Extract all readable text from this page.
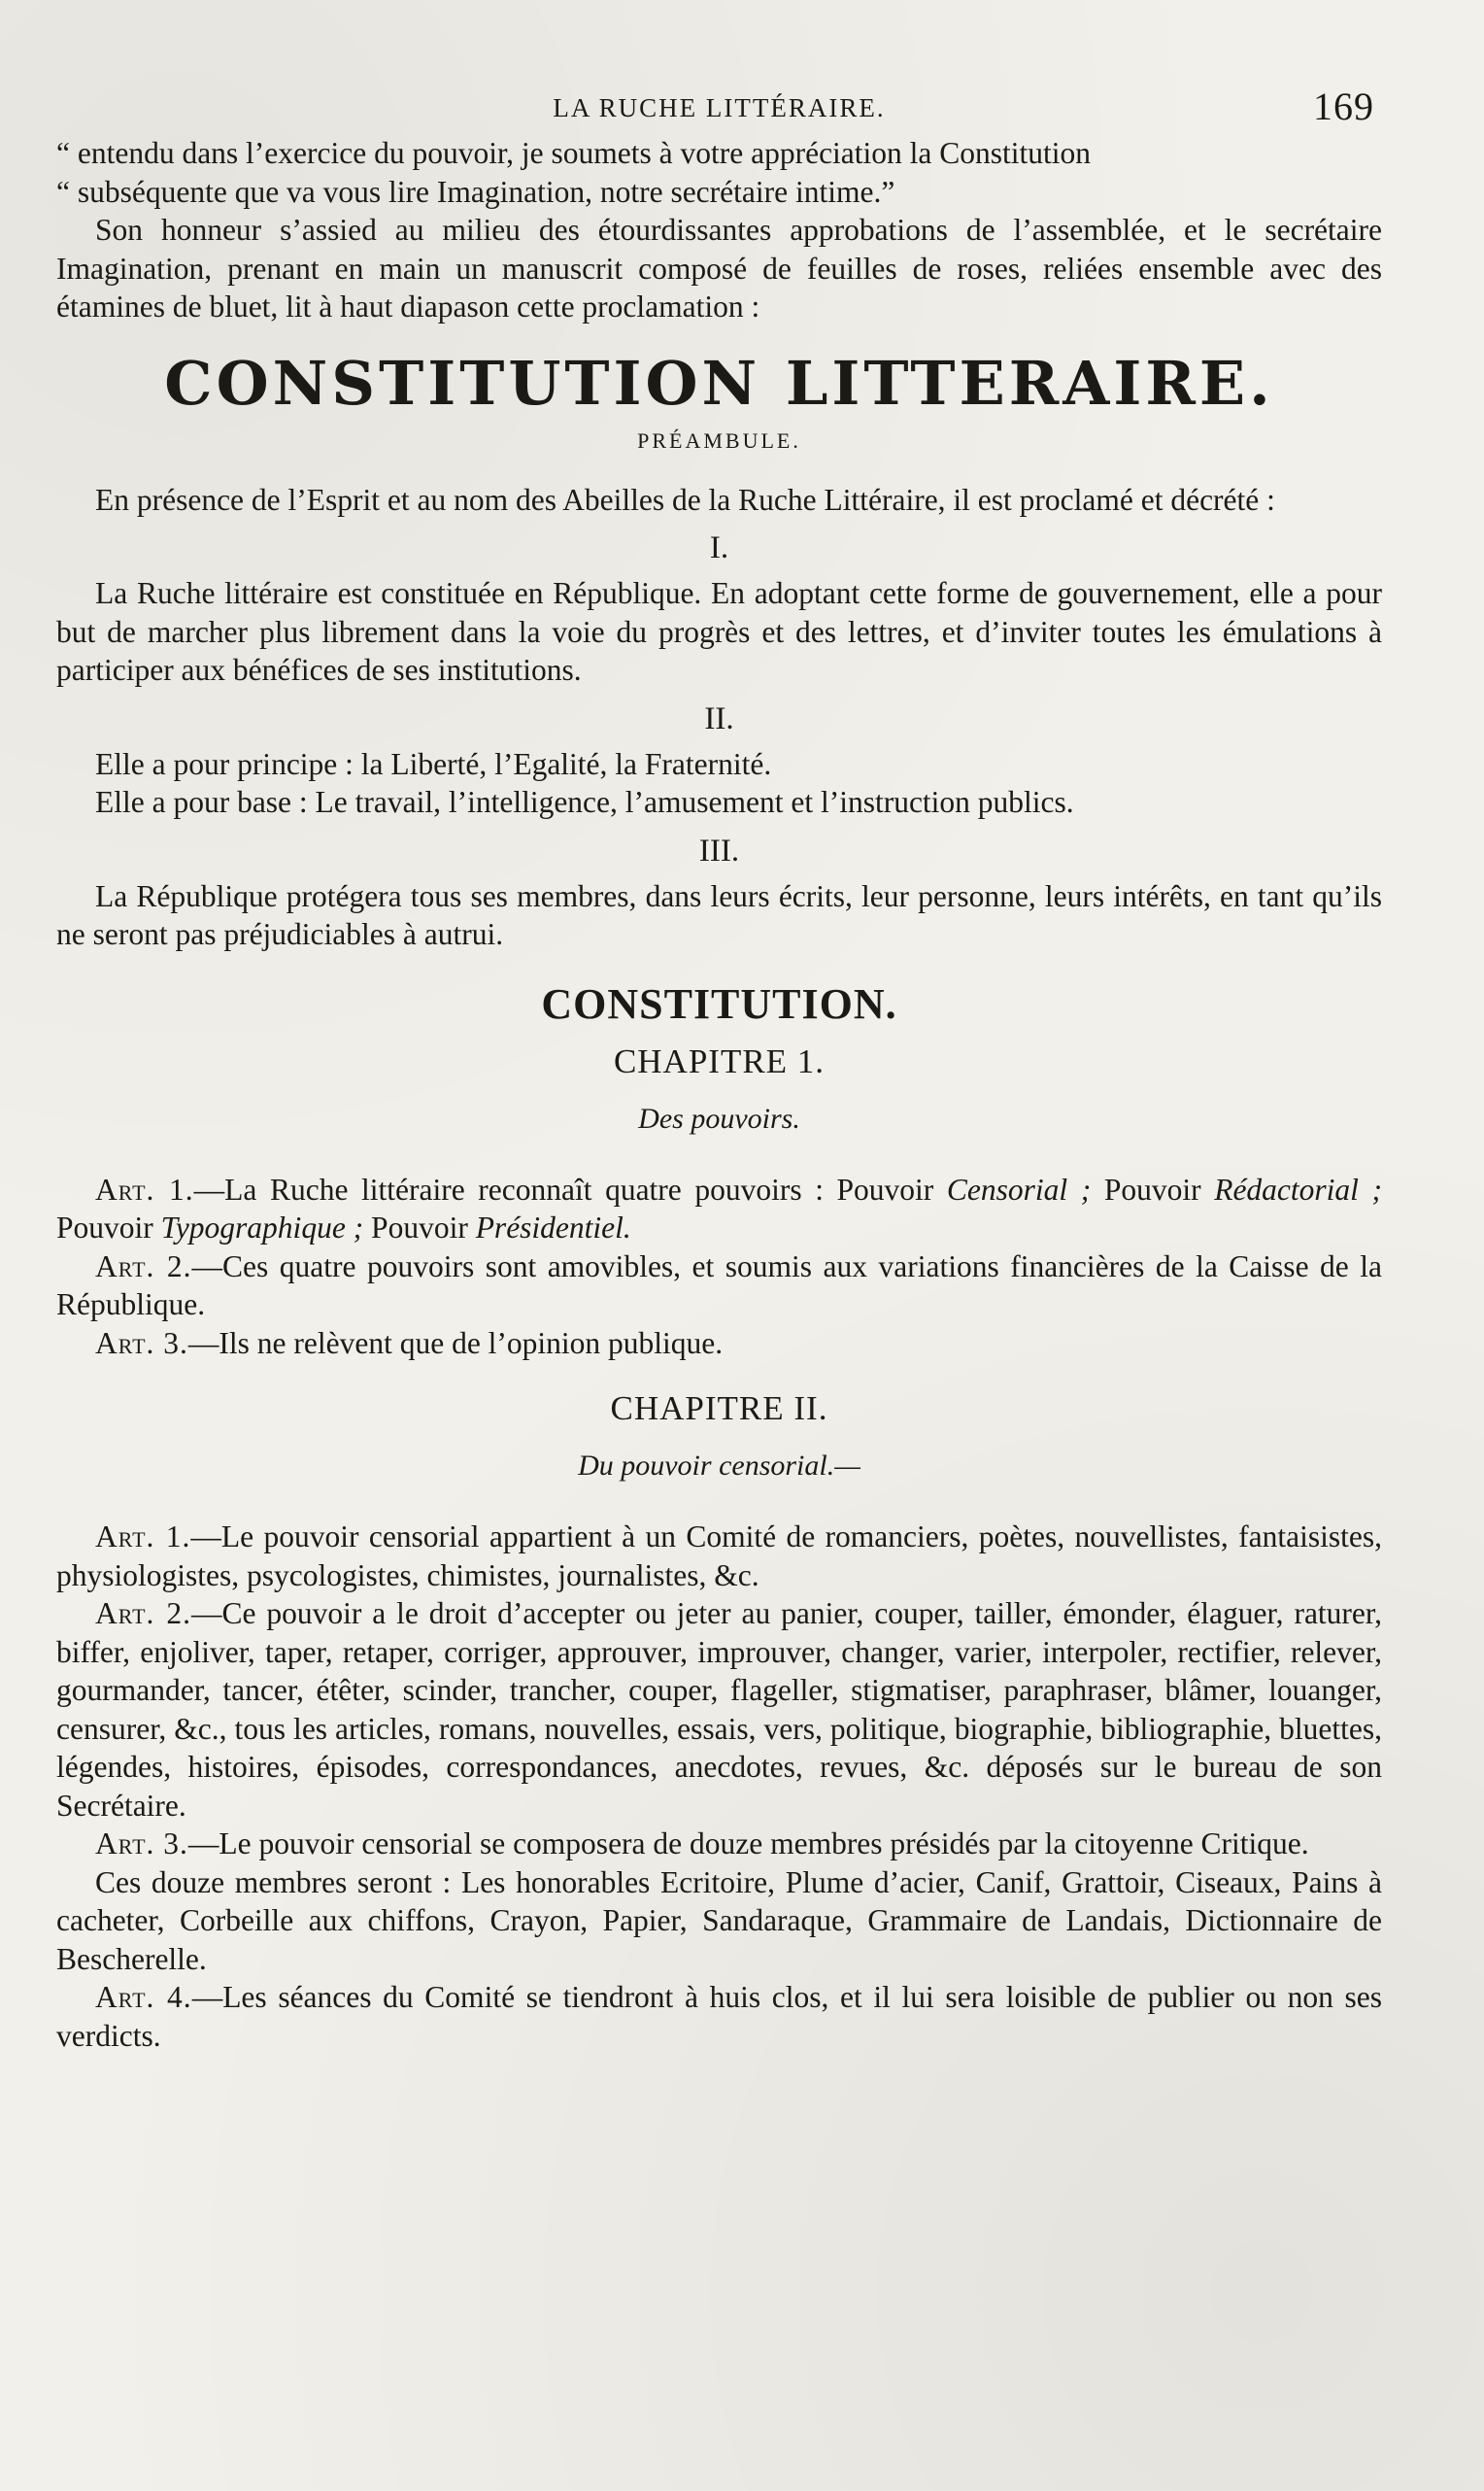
LA RUCHE LITTÉRAIRE.	169

“ entendu dans l’exercice du pouvoir, je soumets à votre appréciation la Constitution

“ subséquente que va vous lire Imagination, notre secrétaire intime.”

Son honneur s’assied au milieu des étourdissantes approbations de l’assemblée, et le secrétaire Imagination, prenant en main un manuscrit composé de feuilles de roses, reliées ensemble avec des étamines de bluet, lit à haut diapason cette proclamation :

CONSTITUTION LITTERAIRE.
PRÉAMBULE.

En présence de l’Esprit et au nom des Abeilles de la Ruche Littéraire, il est proclamé et décrété :

I.

La Ruche littéraire est constituée en République. En adoptant cette forme de gouvernement, elle a pour but de marcher plus librement dans la voie du progrès et des lettres, et d’inviter toutes les émulations à participer aux bénéfices de ses institutions.

II.

Elle a pour principe : la Liberté, l’Egalité, la Fraternité.

Elle a pour base : Le travail, l’intelligence, l’amusement et l’instruction publics.

III.

La République protégera tous ses membres, dans leurs écrits, leur personne, leurs intérêts, en tant qu’ils ne seront pas préjudiciables à autrui.

CONSTITUTION.
CHAPITRE 1.
Des pouvoirs.

Art. 1.—La Ruche littéraire reconnaît quatre pouvoirs : Pouvoir Censorial ; Pouvoir Rédactorial ; Pouvoir Typographique ; Pouvoir Présidentiel.

Art. 2.—Ces quatre pouvoirs sont amovibles, et soumis aux variations financières de la Caisse de la République.

Art. 3.—Ils ne relèvent que de l’opinion publique.

CHAPITRE II.
Du pouvoir censorial.—

Art. 1.—Le pouvoir censorial appartient à un Comité de romanciers, poètes, nouvellistes, fantaisistes, physiologistes, psycologistes, chimistes, journalistes, &c.

Art. 2.—Ce pouvoir a le droit d’accepter ou jeter au panier, couper, tailler, émonder, élaguer, raturer, biffer, enjoliver, taper, retaper, corriger, approuver, improuver, changer, varier, interpoler, rectifier, relever, gourmander, tancer, étêter, scinder, trancher, couper, flageller, stigmatiser, paraphraser, blâmer, louanger, censurer, &c., tous les articles, romans, nouvelles, essais, vers, politique, biographie, bibliographie, bluettes, légendes, histoires, épisodes, correspondances, anecdotes, revues, &c. déposés sur le bureau de son Secrétaire.

Art. 3.—Le pouvoir censorial se composera de douze membres présidés par la citoyenne Critique.

Ces douze membres seront : Les honorables Ecritoire, Plume d’acier, Canif, Grattoir, Ciseaux, Pains à cacheter, Corbeille aux chiffons, Crayon, Papier, Sandaraque, Grammaire de Landais, Dictionnaire de Bescherelle.

Art. 4.—Les séances du Comité se tiendront à huis clos, et il lui sera loisible de publier ou non ses verdicts.
